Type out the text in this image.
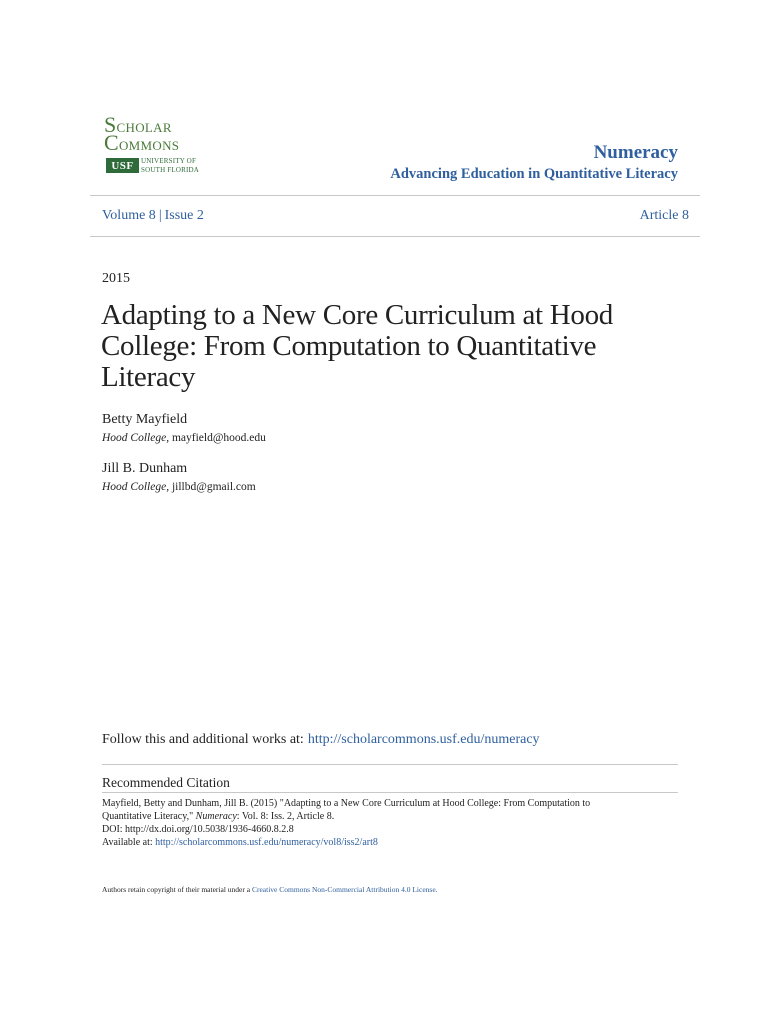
SCHOLAR
COMMONS
USF	UNIVERSITY OF
SOUTH FLORIDA
Numeracy
Advancing Education in Quantitative Literacy
Volume 8 | Issue 2	Article 8
2015
Adapting to a New Core Curriculum at Hood College: From Computation to Quantitative Literacy
Betty Mayfield
Hood College, mayfield@hood.edu
Jill B. Dunham
Hood College, jillbd@gmail.com
Follow this and additional works at: http://scholarcommons.usf.edu/numeracy
Recommended Citation
Mayfield, Betty and Dunham, Jill B. (2015) "Adapting to a New Core Curriculum at Hood College: From Computation to
Quantitative Literacy," Numeracy: Vol. 8: Iss. 2, Article 8.
DOI: http://dx.doi.org/10.5038/1936-4660.8.2.8
Available at: http://scholarcommons.usf.edu/numeracy/vol8/iss2/art8
Authors retain copyright of their material under a Creative Commons Non-Commercial Attribution 4.0 License.
